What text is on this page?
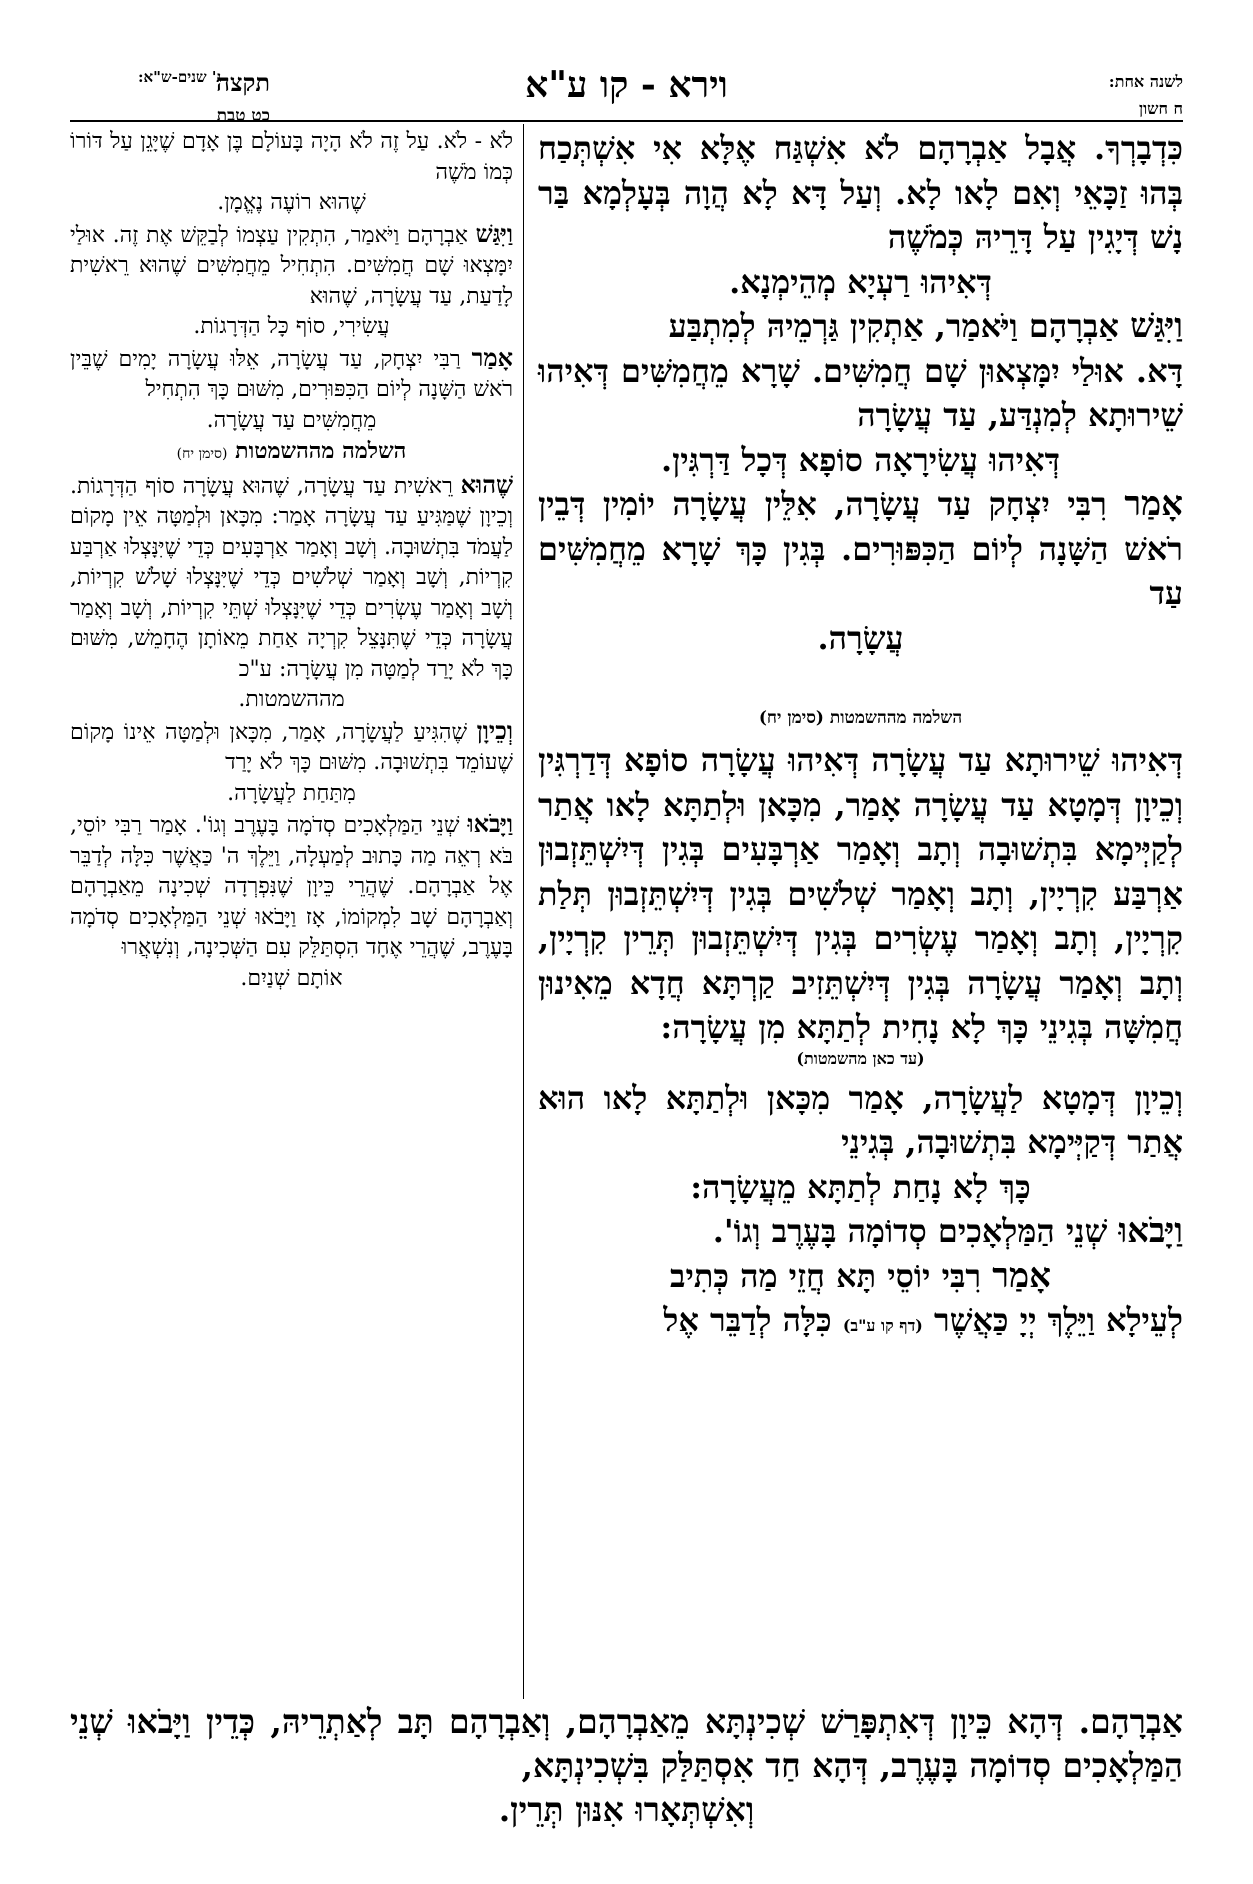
תקצה
כט טבת
ג' שנים-ש"א:	וירא - קו ע"א	לשנה אחת:
ח חשון

כִּדְבָרְךָ. אֲבָל אַבְרָהָם לֹא אִשְׁגַּח אֶלָּא אִי אִשְׁתְּכַח בְּהוּ זַכָּאֵי וְאִם לָאו לָא. וְעַל דָּא לָא הֲוָה בְּעָלְמָא בַּר נָשׁ דְּיָגִין עַל דָּרֵיהּ כְּמֹשֶׁה

דְּאִיהוּ רַעְיָא מְהֵימְנָא.

וַיִּגַּשׁ אַבְרָהָם וַיֹּאמַר, אַתְקִין גַּרְמֵיהּ לְמִתְבַּע

דָּא. אוּלַי יִמָּצְאוּן שָׁם חֲמִשִּׁים. שָׁרָא מֵחֲמִשִּׁים דְּאִיהוּ שֵׁירוּתָא לְמִנְדַּע, עַד עֲשָׂרָה

דְּאִיהוּ עֲשִׂירָאָה סוֹפָא דְּכָל דַּרְגִּין.

אָמַר רִבִּי יִצְחָק עַד עֲשָׂרָה, אִלֵּין עֲשָׂרָה יוֹמִין דְּבֵין רֹאשׁ הַשָּׁנָה לְיוֹם הַכִּפּוּרִים. בְּגִין כָּךְ שָׁרָא מֵחֲמִשִּׁים עַד

עֲשָׂרָה.

השלמה מההשמטות (סימן יח)

דְּאִיהוּ שֵׁירוּתָא עַד עֲשָׂרָה דְּאִיהוּ עֲשָׂרָה סוֹפָא דְּדַרְגִּין וְכֵיוָן דְּמָטָא עַד עֲשָׂרָה אָמַר, מִכָּאן וּלְתַתָּא לָאו אֲתַר לְקַיְּימָא בִּתְשׁוּבָה וְתָב וְאָמַר אַרְבָּעִים בְּגִין דְּיִשְׁתֵּזְבוּן אַרְבַּע קִרְיָין, וְתָב וְאָמַר שְׁלֹשִׁים בְּגִין דְּיִשְׁתֵּזְבוּן תְּלַת קִרְיָין, וְתָב וְאָמַר עֶשְׂרִים בְּגִין דְּיִשְׁתֵּזְבוּן תְּרֵין קִרְיָין, וְתָב וְאָמַר עֲשָׂרָה בְּגִין דְּיִשְׁתֵּזִיב קַרְתָּא חֲדָא מֵאִינוּן חֲמִשָּׁה בְּגִינֵי כָּךְ לָא נָחִית לְתַתָּא מִן עֲשָׂרָה:

(עד כאן מהשמטות)

וְכֵיוָן דְּמָטָא לַעֲשָׂרָה, אָמַר מִכָּאן וּלְתַתָּא לָאו הוּא אֲתַר דְּקַיְּימָא בִּתְשׁוּבָה, בְּגִינֵי

כָּךְ לָא נָחַת לְתַתָּא מֵעֲשָׂרָה:

וַיָּבֹאוּ שְׁנֵי הַמַּלְאָכִים סְדוֹמָה בָּעֶרֶב וְגוֹ'.

אָמַר רִבִּי יוֹסֵי תָּא חֲזֵי מַה כְּתִיב

לְעֵילָא וַיֵּלֶךְ יְיָ כַּאֲשֶׁר (דף קו ע"ב) כִּלָּה לְדַבֵּר אֶל

לֹא - לֹא. עַל זֶה לֹא הָיָה בָּעוֹלָם בֶּן אָדָם שֶׁיָּגֵן עַל דּוֹרוֹ כְּמוֹ מֹשֶׁה

שֶׁהוּא רוֹעֶה נֶאֱמָן.

וַיִּגַּשׁ אַבְרָהָם וַיֹּאמַר, הִתְקִין עַצְמוֹ לְבַקֵּשׁ אֶת זֶה. אוּלַי יִמָּצְאוּ שָׁם חֲמִשִּׁים. הִתְחִיל מֵחֲמִשִּׁים שֶׁהוּא רֵאשִׁית לָדַעַת, עַד עֲשָׂרָה, שֶׁהוּא

עֲשִׂירִי, סוֹף כָּל הַדְּרָגוֹת.

אָמַר רַבִּי יִצְחָק, עַד עֲשָׂרָה, אֵלּוּ עֲשָׂרָה יָמִים שֶׁבֵּין רֹאשׁ הַשָּׁנָה לְיוֹם הַכִּפּוּרִים, מִשּׁוּם כָּךְ הִתְחִיל

מֵחֲמִשִּׁים עַד עֲשָׂרָה.

השלמה מההשמטות (סימן יח)

שֶׁהוּא רֵאשִׁית עַד עֲשָׂרָה, שֶׁהוּא עֲשָׂרָה סוֹף הַדְּרָגוֹת. וְכֵיוָן שֶׁמַּגִּיעַ עַד עֲשָׂרָה אָמַר: מִכָּאן וּלְמַטָּה אֵין מָקוֹם לַעֲמֹד בִּתְשׁוּבָה. וְשָׁב וְאָמַר אַרְבָּעִים כְּדֵי שֶׁיִּנָּצְלוּ אַרְבַּע קִרְיוֹת, וְשָׁב וְאָמַר שְׁלֹשִׁים כְּדֵי שֶׁיִּנָּצְלוּ שָׁלֹשׁ קִרְיוֹת, וְשָׁב וְאָמַר עֶשְׂרִים כְּדֵי שֶׁיִּנָּצְלוּ שְׁתֵּי קִרְיוֹת, וְשָׁב וְאָמַר עֲשָׂרָה כְּדֵי שֶׁתִּנָּצֵל קִרְיָה אַחַת מֵאוֹתָן הֶחָמֵשׁ, מִשּׁוּם כָּךְ לֹא יָרַד לְמַטָּה מִן עֲשָׂרָה: ע"כ

מההשמטות.

וְכֵיוָן שֶׁהִגִּיעַ לַעֲשָׂרָה, אָמַר, מִכָּאן וּלְמַטָּה אֵינוֹ מָקוֹם שֶׁעוֹמֵד בִּתְשׁוּבָה. מִשּׁוּם כָּךְ לֹא יָרַד

מִתַּחַת לַעֲשָׂרָה.

וַיָּבֹאוּ שְׁנֵי הַמַּלְאָכִים סְדֹמָה בָּעֶרֶב וְגוֹ'. אָמַר רַבִּי יוֹסֵי, בֹּא רְאֵה מַה כָּתוּב לְמַעְלָה, וַיֵּלֶךְ ה' כַּאֲשֶׁר כִּלָּה לְדַבֵּר אֶל אַבְרָהָם. שֶׁהֲרֵי כֵּיוָן שֶׁנִּפְרְדָה שְׁכִינָה מֵאַבְרָהָם וְאַבְרָהָם שָׁב לִמְקוֹמוֹ, אָז וַיָּבֹאוּ שְׁנֵי הַמַּלְאָכִים סְדֹמָה בָּעֶרֶב, שֶׁהֲרֵי אֶחָד הִסְתַּלֵּק עִם הַשְּׁכִינָה, וְנִשְׁאֲרוּ

אוֹתָם שְׁנַיִם.

אַבְרָהָם. דְּהָא כֵּיוָן דְּאִתְפָּרַשׁ שְׁכִינְתָּא מֵאַבְרָהָם, וְאַבְרָהָם תָּב לְאַתְרֵיהּ, כְּדֵין וַיָּבֹאוּ שְׁנֵי הַמַּלְאָכִים סְדוֹמָה בָּעֶרֶב, דְּהָא חַד אִסְתַּלַּק בִּשְׁכִינְתָּא,

וְאִשְׁתְּאָרוּ אִנּוּן תְּרֵין.
